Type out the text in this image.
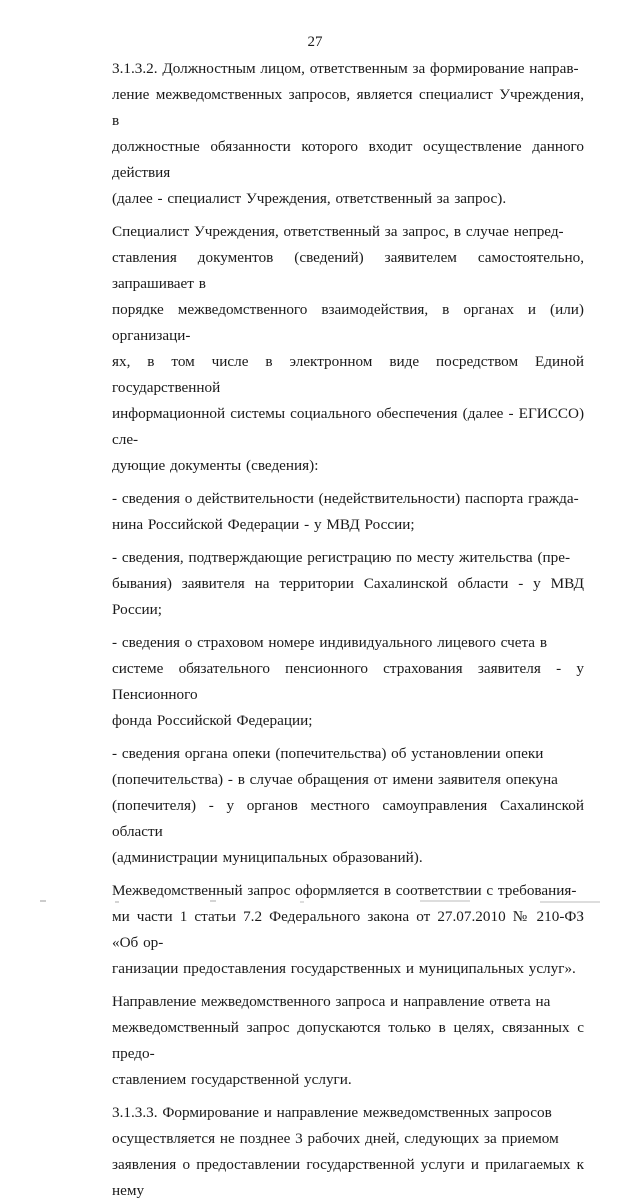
27

3.1.3.2. Должностным лицом, ответственным за формирование направ-
ление межведомственных запросов, является специалист Учреждения, в
должностные обязанности которого входит осуществление данного действия
(далее - специалист Учреждения, ответственный за запрос).

Специалист Учреждения, ответственный за запрос, в случае непред-
ставления документов (сведений) заявителем самостоятельно, запрашивает в
порядке межведомственного взаимодействия, в органах и (или) организаци-
ях, в том числе в электронном виде посредством Единой государственной
информационной системы социального обеспечения (далее - ЕГИССО) сле-
дующие документы (сведения):

- сведения о действительности (недействительности) паспорта гражда-
нина Российской Федерации - у МВД России;

- сведения, подтверждающие регистрацию по месту жительства (пре-
бывания) заявителя на территории Сахалинской области - у МВД России;

- сведения о страховом номере индивидуального лицевого счета в
системе обязательного пенсионного страхования заявителя - у Пенсионного
фонда Российской Федерации;

- сведения органа опеки (попечительства) об установлении опеки
(попечительства) - в случае обращения от имени заявителя опекуна
(попечителя) - у органов местного самоуправления Сахалинской области
(администрации муниципальных образований).

Межведомственный запрос оформляется в соответствии с требования-
ми части 1 статьи 7.2 Федерального закона от 27.07.2010 № 210-ФЗ «Об ор-
ганизации предоставления государственных и муниципальных услуг».

Направление межведомственного запроса и направление ответа на
межведомственный запрос допускаются только в целях, связанных с предо-
ставлением государственной услуги.

3.1.3.3. Формирование и направление межведомственных запросов
осуществляется не позднее 3 рабочих дней, следующих за приемом
заявления о предоставлении государственной услуги и прилагаемых к нему
